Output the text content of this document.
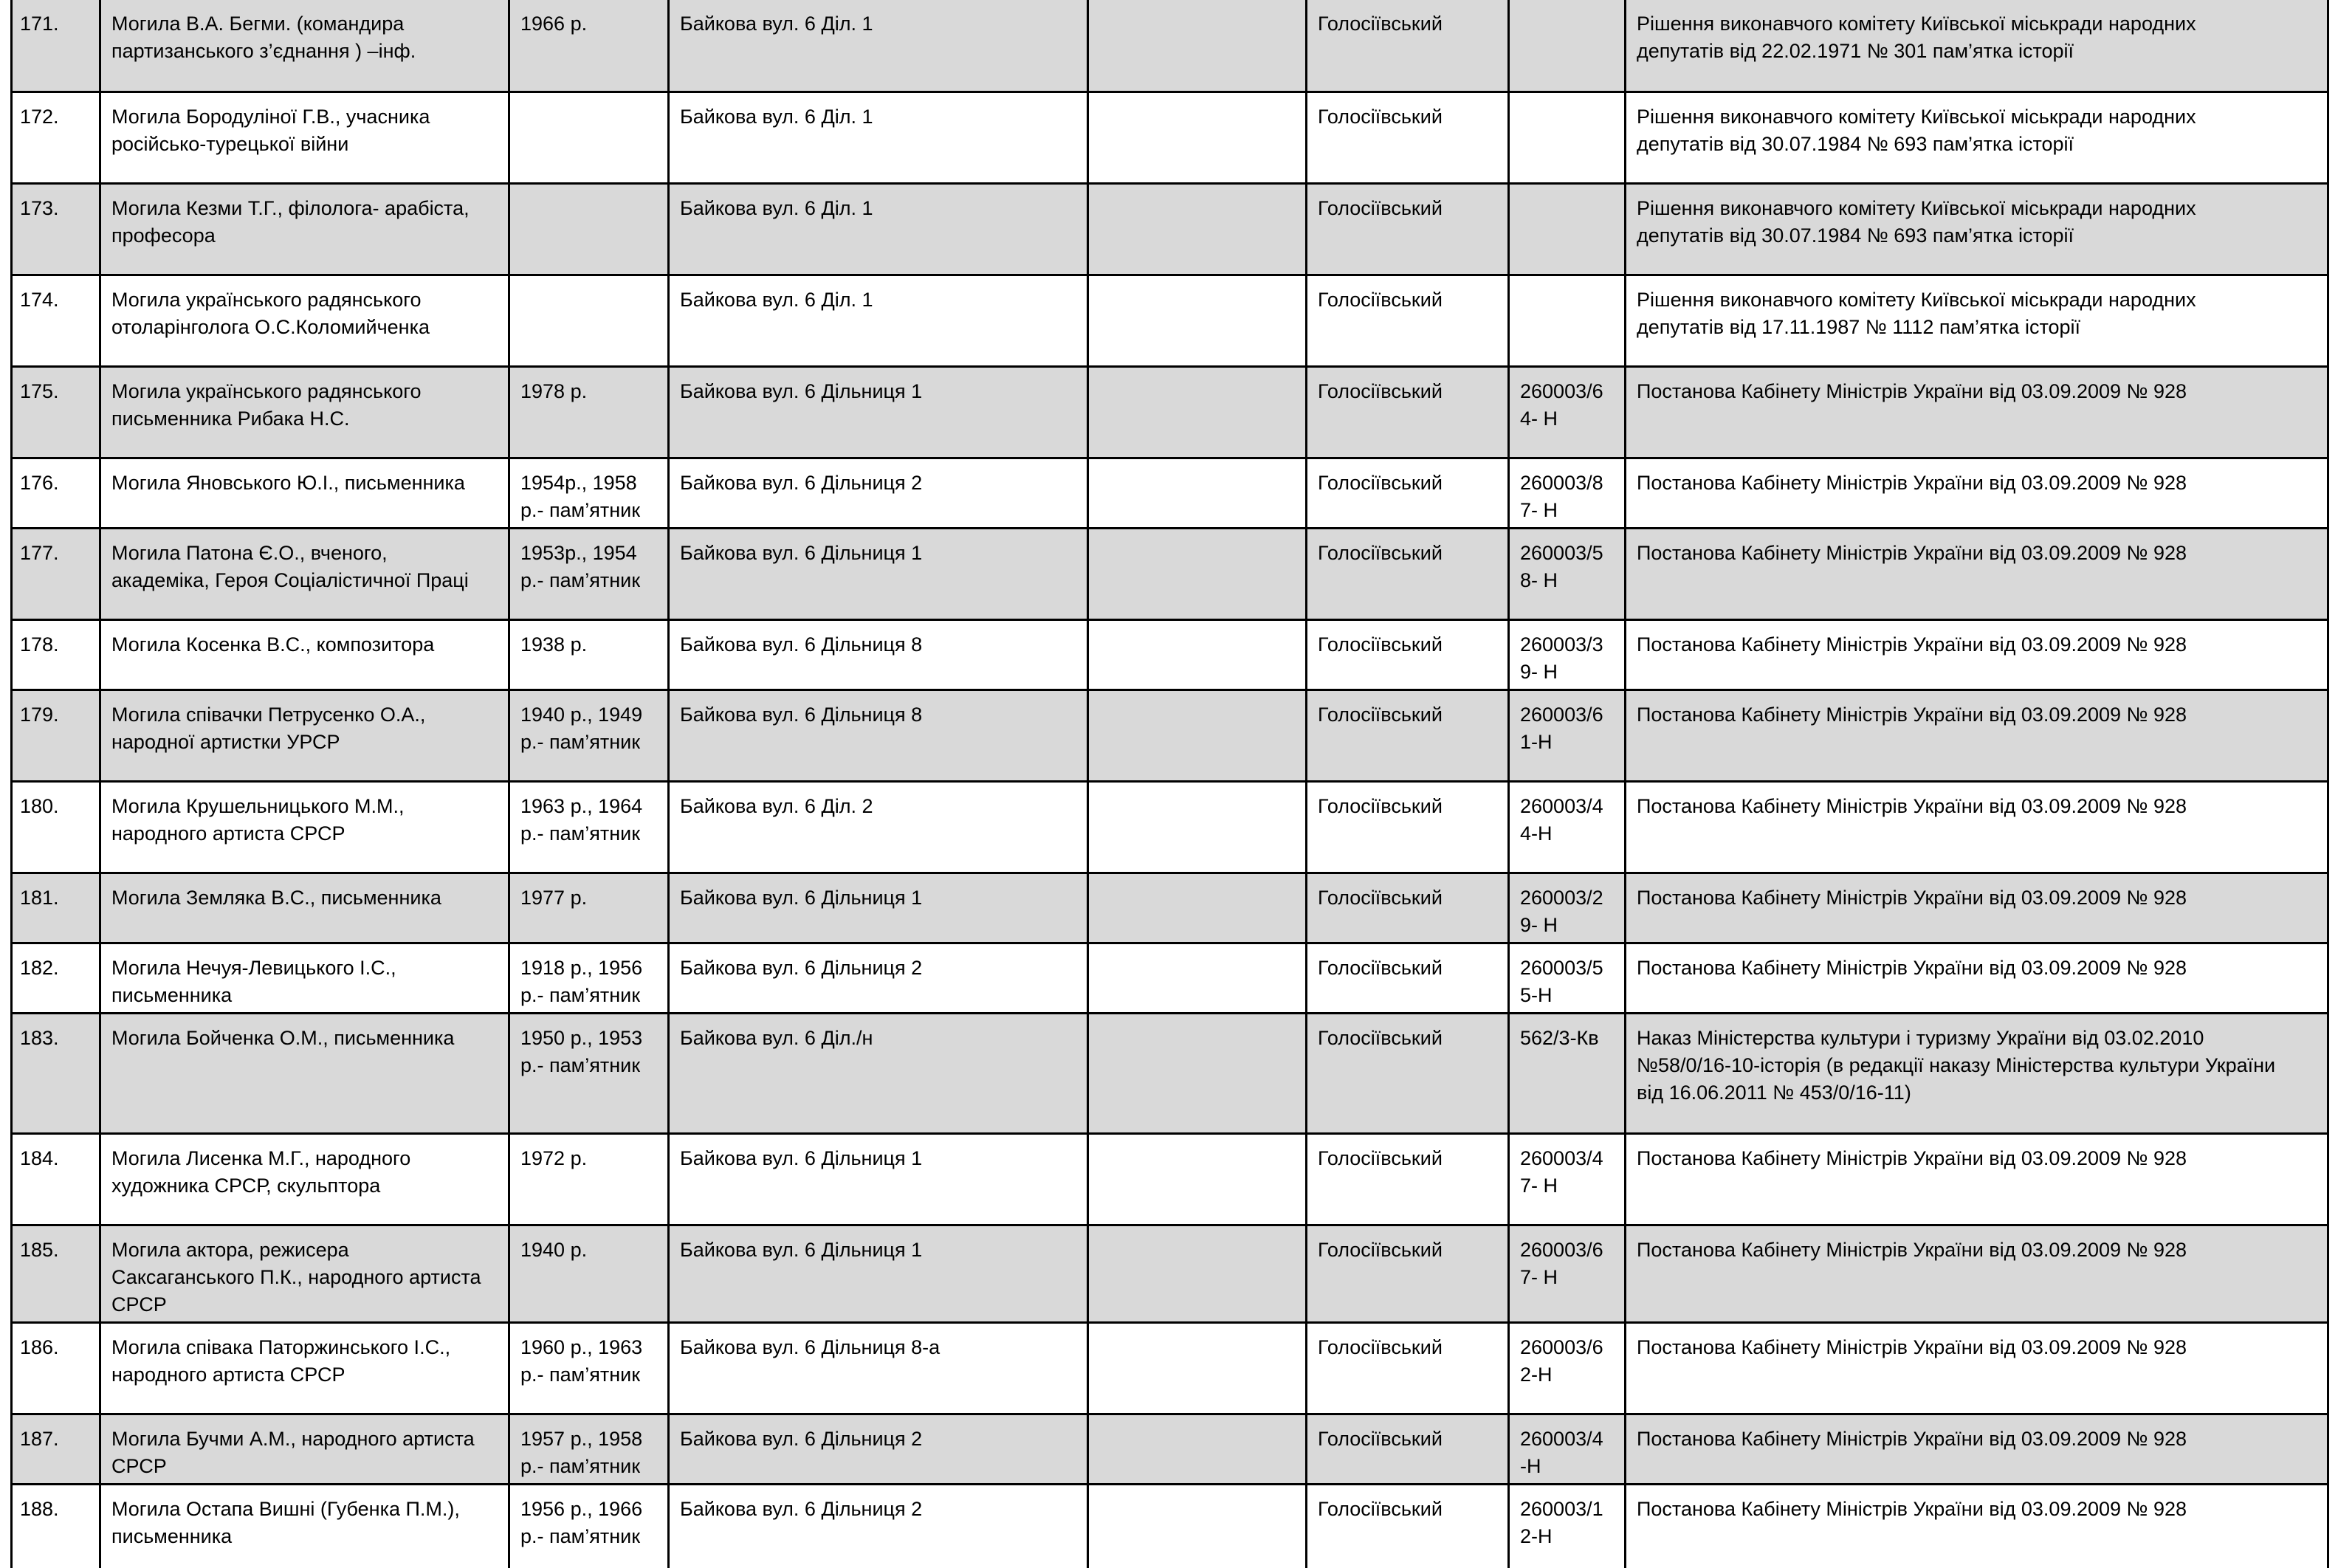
171.	Могила В.А. Бегми. (командира
партизанського з’єднання ) –інф.	1966 р.	Байкова вул. 6 Діл. 1		Голосіївський		Рішення виконавчого комітету Київської міськради народних
депутатів від 22.02.1971 № 301 пам’ятка історії
172.	Могила Бородуліної Г.В., учасника
російсько-турецької війни		Байкова вул. 6 Діл. 1		Голосіївський		Рішення виконавчого комітету Київської міськради народних
депутатів від 30.07.1984 № 693 пам’ятка історії
173.	Могила Кезми Т.Г., філолога- арабіста,
професора		Байкова вул. 6 Діл. 1		Голосіївський		Рішення виконавчого комітету Київської міськради народних
депутатів від 30.07.1984 № 693 пам’ятка історії
174.	Могила українського радянського
отоларінголога О.С.Коломийченка		Байкова вул. 6 Діл. 1		Голосіївський		Рішення виконавчого комітету Київської міськради народних
депутатів від 17.11.1987 № 1112 пам’ятка історії
175.	Могила українського радянського
письменника Рибака Н.С.	1978 р.	Байкова вул. 6 Дільниця 1		Голосіївський	260003/6
4- Н	Постанова Кабінету Міністрів України від 03.09.2009 № 928
176.	Могила Яновського Ю.І., письменника	1954р., 1958
р.- пам’ятник	Байкова вул. 6 Дільниця 2		Голосіївський	260003/8
7- Н	Постанова Кабінету Міністрів України від 03.09.2009 № 928
177.	Могила Патона Є.О., вченого,
академіка, Героя Соціалістичної Праці	1953р., 1954
р.- пам’ятник	Байкова вул. 6 Дільниця 1		Голосіївський	260003/5
8- Н	Постанова Кабінету Міністрів України від 03.09.2009 № 928
178.	Могила Косенка В.С., композитора	1938 р.	Байкова вул. 6 Дільниця 8		Голосіївський	260003/3
9- Н	Постанова Кабінету Міністрів України від 03.09.2009 № 928
179.	Могила співачки Петрусенко О.А.,
народної артистки УРСР	1940 р., 1949
р.- пам’ятник	Байкова вул. 6 Дільниця 8		Голосіївський	260003/6
1-Н	Постанова Кабінету Міністрів України від 03.09.2009 № 928
180.	Могила Крушельницького М.М.,
народного артиста СРСР	1963 р., 1964
р.- пам’ятник	Байкова вул. 6 Діл. 2		Голосіївський	260003/4
4-Н	Постанова Кабінету Міністрів України від 03.09.2009 № 928
181.	Могила Земляка В.С., письменника	1977 р.	Байкова вул. 6 Дільниця 1		Голосіївський	260003/2
9- Н	Постанова Кабінету Міністрів України від 03.09.2009 № 928
182.	Могила Нечуя-Левицького І.С.,
письменника	1918 р., 1956
р.- пам’ятник	Байкова вул. 6 Дільниця 2		Голосіївський	260003/5
5-Н	Постанова Кабінету Міністрів України від 03.09.2009 № 928
183.	Могила Бойченка О.М., письменника	1950 р., 1953
р.- пам’ятник	Байкова вул. 6 Діл./н		Голосіївський	562/3-Кв	Наказ Міністерства культури і туризму України від 03.02.2010
№58/0/16-10-історія (в редакції наказу Міністерства культури України
від 16.06.2011 № 453/0/16-11)
184.	Могила Лисенка М.Г., народного
художника СРСР, скульптора	1972 р.	Байкова вул. 6 Дільниця 1		Голосіївський	260003/4
7- Н	Постанова Кабінету Міністрів України від 03.09.2009 № 928
185.	Могила актора, режисера
Саксаганського П.К., народного артиста
СРСР	1940 р.	Байкова вул. 6 Дільниця 1		Голосіївський	260003/6
7- Н	Постанова Кабінету Міністрів України від 03.09.2009 № 928
186.	Могила співака Паторжинського І.С.,
народного артиста СРСР	1960 р., 1963
р.- пам’ятник	Байкова вул. 6 Дільниця 8-а		Голосіївський	260003/6
2-Н	Постанова Кабінету Міністрів України від 03.09.2009 № 928
187.	Могила Бучми А.М., народного артиста
СРСР	1957 р., 1958
р.- пам’ятник	Байкова вул. 6 Дільниця 2		Голосіївський	260003/4
-Н	Постанова Кабінету Міністрів України від 03.09.2009 № 928
188.	Могила Остапа Вишні (Губенка П.М.),
письменника	1956 р., 1966
р.- пам’ятник	Байкова вул. 6 Дільниця 2		Голосіївський	260003/1
2-Н	Постанова Кабінету Міністрів України від 03.09.2009 № 928
